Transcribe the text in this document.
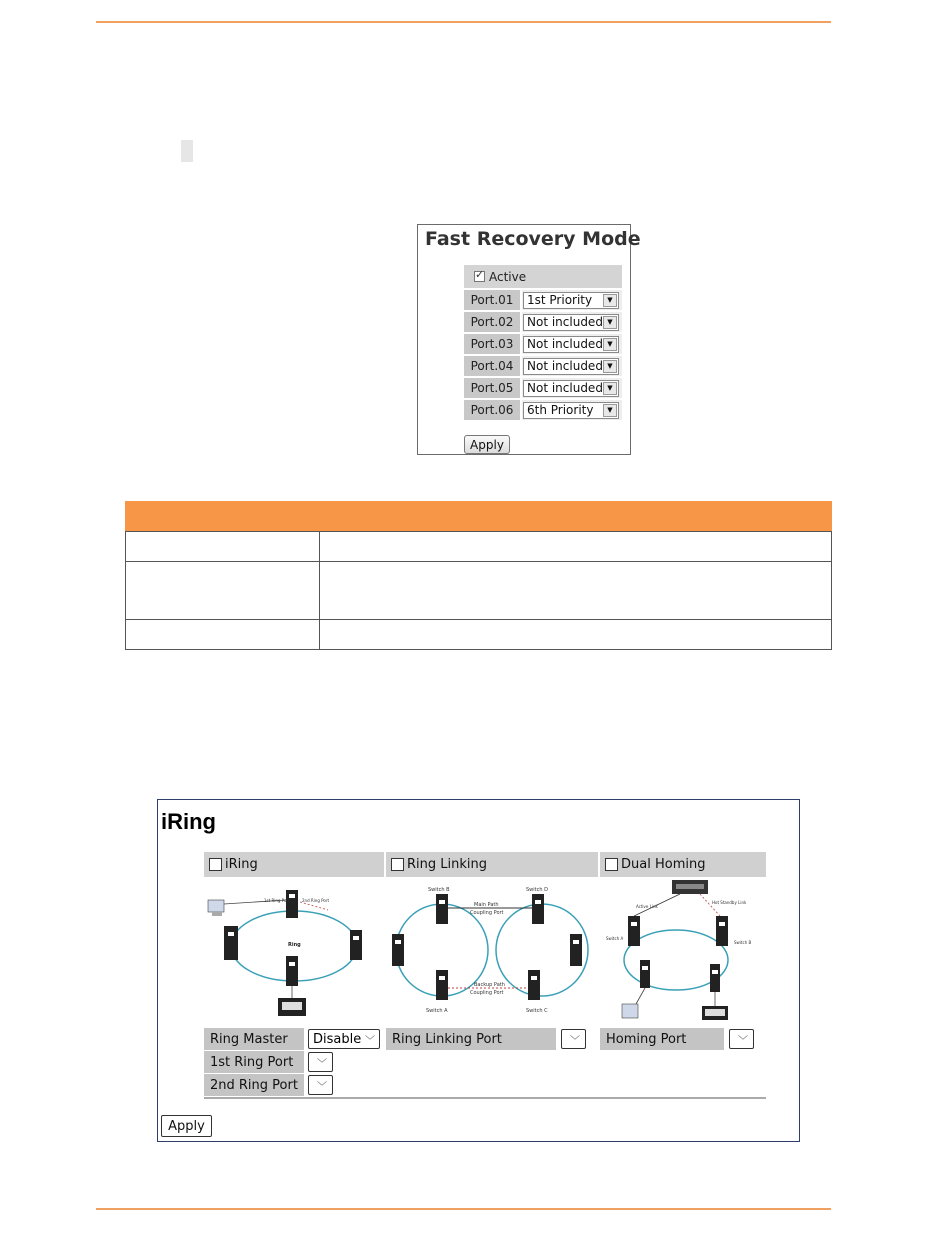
Fast Recovery Mode
✓
Active
Port.01	1st Priority	▼
Port.02	Not included ▼
Port.03	Not included ▼
Port.04	Not included ▼
Port.05	Not included ▼
Port.06	6th Priority	▼
Apply

iRing
iRing
1st Ring Port	2nd Ring Port
Ring
Ring Master	Disable ﹀
1st Ring Port	﹀
2nd Ring Port	﹀
Ring Linking
Switch B	Switch D
Main Path
Coupling Port
Backup Path
Coupling Port
Switch A	Switch C
Ring Linking Port	﹀
Dual Homing
Active Link
Hot Standby Link
Switch A
Switch B
Homing Port	﹀
Apply
